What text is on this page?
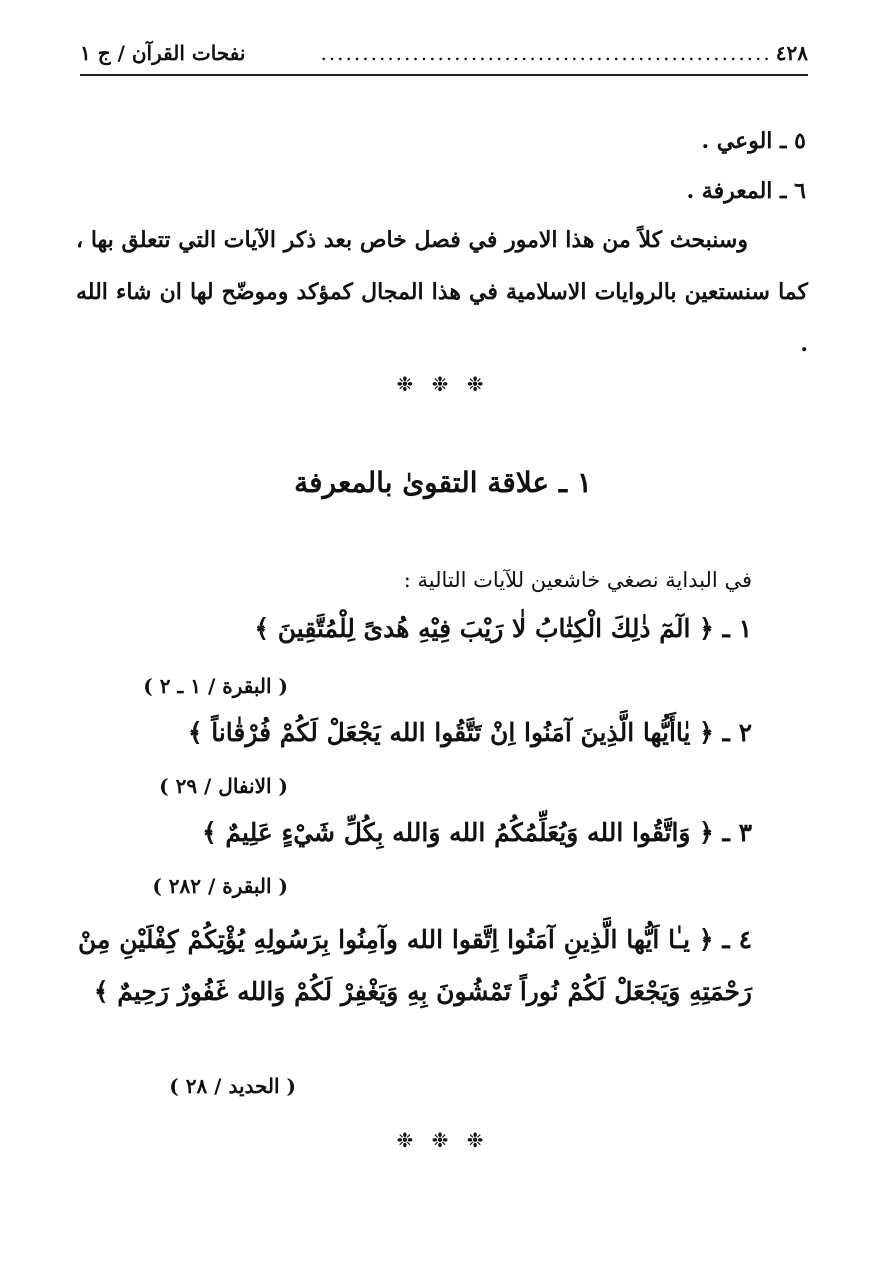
٤٢٨
......................................................
نفحات القرآن / ج ١
٥ ـ الوعي .
٦ ـ المعرفة .
وسنبحث كلاً من هذا الامور في فصل خاص بعد ذكر الآيات التي تتعلق بها ، كما سنستعين بالروايات الاسلامية في هذا المجال كمؤكد وموضّح لها ان شاء الله .
❉ ❉ ❉
١ ـ علاقة التقوىٰ بالمعرفة
في البداية نصغي خاشعين للآيات التالية :
١ ـ ﴿ الٓمٓ ذٰلِكَ الْكِتٰابُ لٰا رَيْبَ فِيْهِ هُدىً لِلْمُتَّقِينَ ﴾
( البقرة / ١ ـ ٢ )
٢ ـ ﴿ يٰاأَيُّها الَّذِينَ آمَنُوا اِنْ تَتَّقُوا الله يَجْعَلْ لَكُمْ فُرْقٰاناً ﴾
( الانفال / ٢٩ )
٣ ـ ﴿ وَاتَّقُوا الله وَيُعَلِّمُكُمُ الله وَالله بِكُلِّ شَيْءٍ عَلِيمٌ ﴾
( البقرة / ٢٨٢ )
٤ ـ ﴿ يـٰا اَيُّها الَّذِينِ آمَنُوا اِتَّقوا الله وآمِنُوا بِرَسُولِهِ يُؤْتِكُمْ كِفْلَيْنِ مِنْ رَحْمَتِهِ وَيَجْعَلْ لَكُمْ نُوراً تَمْشُونَ بِهِ وَيَغْفِرْ لَكُمْ وَالله غَفُورٌ رَحِيمٌ ﴾
( الحديد / ٢٨ )
❉ ❉ ❉
